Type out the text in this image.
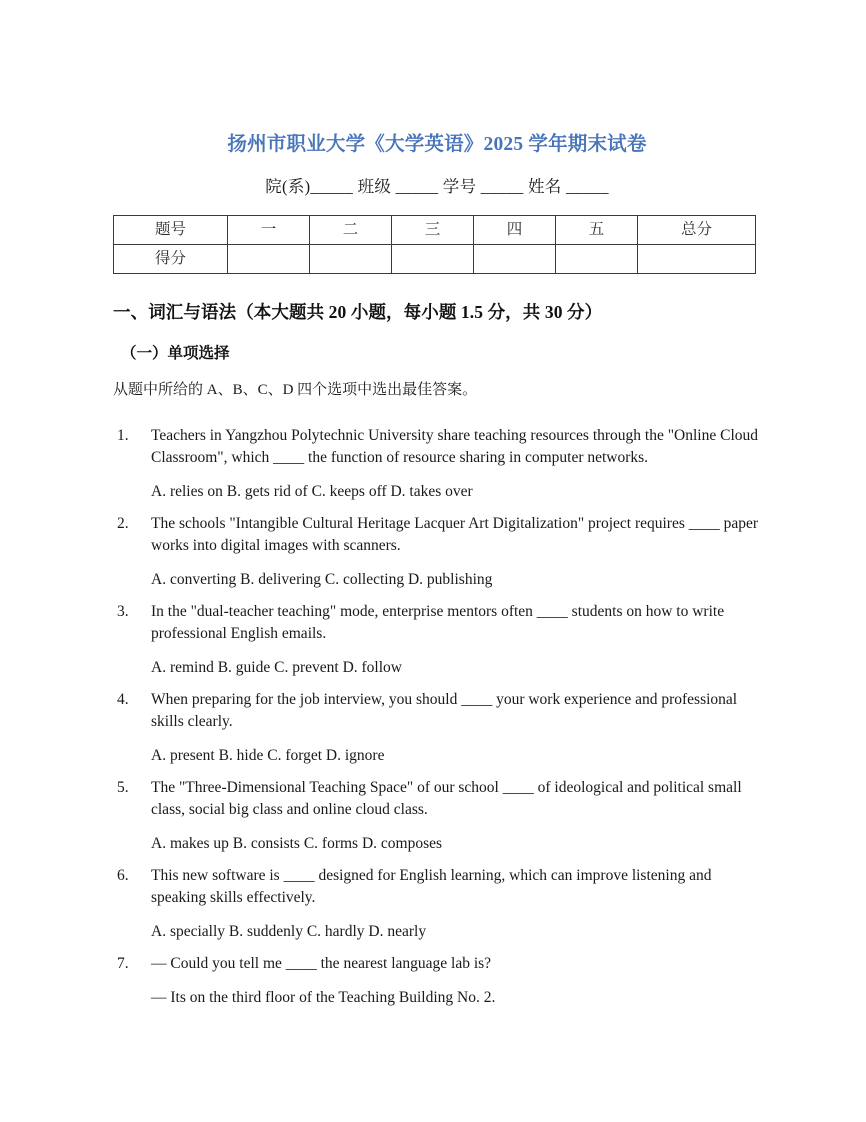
扬州市职业大学《大学英语》2025 学年期末试卷

院(系)_____ 班级 _____ 学号 _____ 姓名 _____

题号	一	二	三	四	五	总分
得分						
一、词汇与语法（本大题共 20 小题，每小题 1.5 分，共 30 分）
（一）单项选择

从题中所给的 A、B、C、D 四个选项中选出最佳答案。

1.	Teachers in Yangzhou Polytechnic University share teaching resources through the "Online Cloud Classroom", which ____ the function of resource sharing in computer networks.

A. relies on B. gets rid of C. keeps off D. takes over

2.	The schools "Intangible Cultural Heritage Lacquer Art Digitalization" project requires ____ paper works into digital images with scanners.

A. converting B. delivering C. collecting D. publishing

3.	In the "dual-teacher teaching" mode, enterprise mentors often ____ students on how to write professional English emails.

A. remind B. guide C. prevent D. follow

4.	When preparing for the job interview, you should ____ your work experience and professional skills clearly.

A. present B. hide C. forget D. ignore

5.	The "Three-Dimensional Teaching Space" of our school ____ of ideological and political small class, social big class and online cloud class.

A. makes up B. consists C. forms D. composes

6.	This new software is ____ designed for English learning, which can improve listening and speaking skills effectively.

A. specially B. suddenly C. hardly D. nearly

7.	— Could you tell me ____ the nearest language lab is?

— Its on the third floor of the Teaching Building No. 2.
